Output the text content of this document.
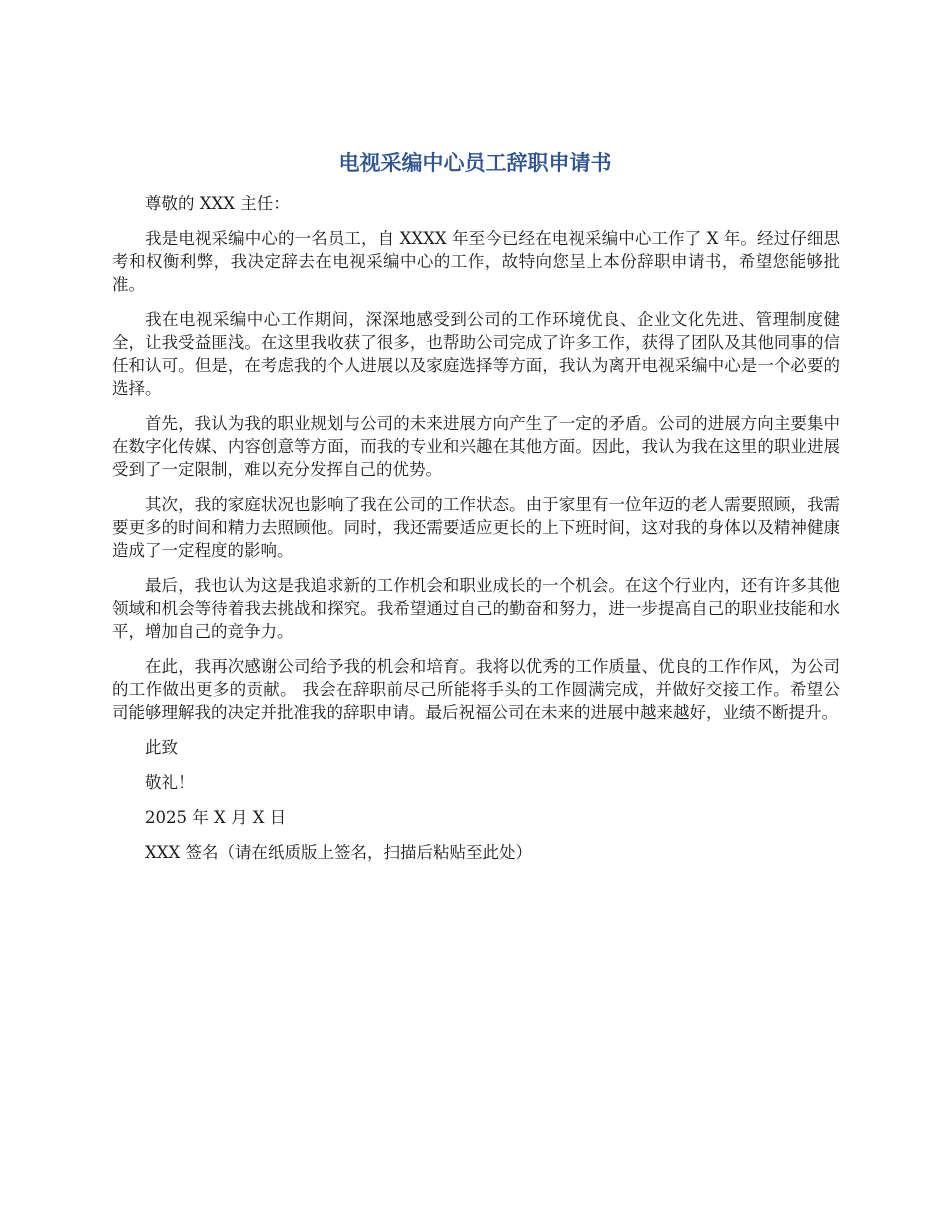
电视采编中心员工辞职申请书

尊敬的 XXX 主任：

我是电视采编中心的一名员工，自 XXXX 年至今已经在电视采编中心工作了 X 年。经过仔细思考和权衡利弊，我决定辞去在电视采编中心的工作，故特向您呈上本份辞职申请书，希望您能够批准。

我在电视采编中心工作期间，深深地感受到公司的工作环境优良、企业文化先进、管理制度健全，让我受益匪浅。在这里我收获了很多，也帮助公司完成了许多工作，获得了团队及其他同事的信任和认可。但是，在考虑我的个人进展以及家庭选择等方面，我认为离开电视采编中心是一个必要的选择。

首先，我认为我的职业规划与公司的未来进展方向产生了一定的矛盾。公司的进展方向主要集中在数字化传媒、内容创意等方面，而我的专业和兴趣在其他方面。因此，我认为我在这里的职业进展受到了一定限制，难以充分发挥自己的优势。

其次，我的家庭状况也影响了我在公司的工作状态。由于家里有一位年迈的老人需要照顾，我需要更多的时间和精力去照顾他。同时，我还需要适应更长的上下班时间，这对我的身体以及精神健康造成了一定程度的影响。

最后，我也认为这是我追求新的工作机会和职业成长的一个机会。在这个行业内，还有许多其他领域和机会等待着我去挑战和探究。我希望通过自己的勤奋和努力，进一步提高自己的职业技能和水平，增加自己的竞争力。

在此，我再次感谢公司给予我的机会和培育。我将以优秀的工作质量、优良的工作作风，为公司的工作做出更多的贡献。 我会在辞职前尽己所能将手头的工作圆满完成，并做好交接工作。希望公司能够理解我的决定并批准我的辞职申请。最后祝福公司在未来的进展中越来越好，业绩不断提升。

此致

敬礼！

2025 年 X 月 X 日

XXX 签名（请在纸质版上签名，扫描后粘贴至此处）
